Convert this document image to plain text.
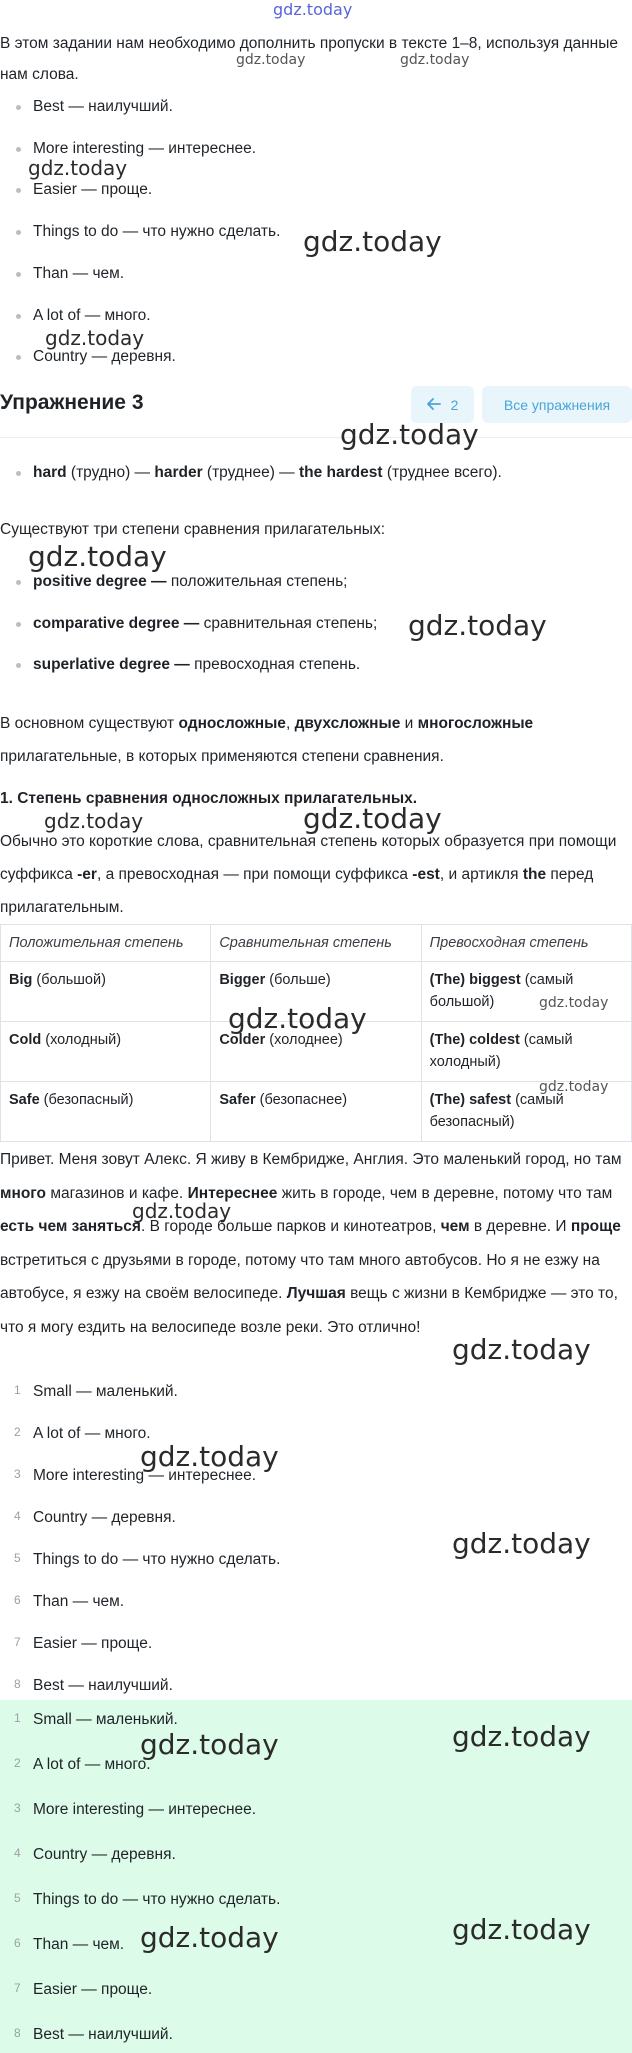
В этом задании нам необходимо дополнить пропуски в тексте 1–8, используя данные нам слова.

Best — наилучший.
More interesting — интереснее.
Easier — проще.
Things to do — что нужно сделать.
Than — чем.
A lot of — много.
Country — деревня.
Упражнение 3	2	Все упражнения
hard (трудно) — harder (труднее) — the hardest (труднее всего).

Существуют три степени сравнения прилагательных:

positive degree — положительная степень;
comparative degree — сравнительная степень;
superlative degree — превосходная степень.

В основном существуют односложные, двухсложные и многосложные прилагательные, в которых применяются степени сравнения.

1. Степень сравнения односложных прилагательных.

Обычно это короткие слова, сравнительная степень которых образуется при помощи суффикса -er, а превосходная — при помощи суффикса -est, и артикля the перед прилагательным.

Положительная степень	Сравнительная степень	Превосходная степень
Big (большой)	Bigger (больше)	(The) biggest (самый большой)
Cold (холодный)	Colder (холоднее)	(The) coldest (самый холодный)
Safe (безопасный)	Safer (безопаснее)	(The) safest (самый безопасный)

Привет. Меня зовут Алекс. Я живу в Кембридже, Англия. Это маленький город, но там много магазинов и кафе. Интереснее жить в городе, чем в деревне, потому что там есть чем заняться. В городе больше парков и кинотеатров, чем в деревне. И проще встретиться с друзьями в городе, потому что там много автобусов. Но я не езжу на автобусе, я езжу на своём велосипеде. Лучшая вещь с жизни в Кембридже — это то, что я могу ездить на велосипеде возле реки. Это отлично!

1 Small — маленький.
2 A lot of — много.
3 More interesting — интереснее.
4 Country — деревня.
5 Things to do — что нужно сделать.
6 Than — чем.
7 Easier — проще.
8 Best — наилучший.
1 Small — маленький.
2 A lot of — много.
3 More interesting — интереснее.
4 Country — деревня.
5 Things to do — что нужно сделать.
6 Than — чем.
7 Easier — проще.
8 Best — наилучший.
gdz.today
gdz.today	gdz.today
gdz.today
gdz.today
gdz.today
gdz.today
gdz.today
gdz.today
gdz.today
gdz.today
gdz.today	gdz.today
gdz.today
gdz.today
gdz.today
gdz.today
gdz.today
gdz.today	gdz.today
gdz.today	gdz.today
